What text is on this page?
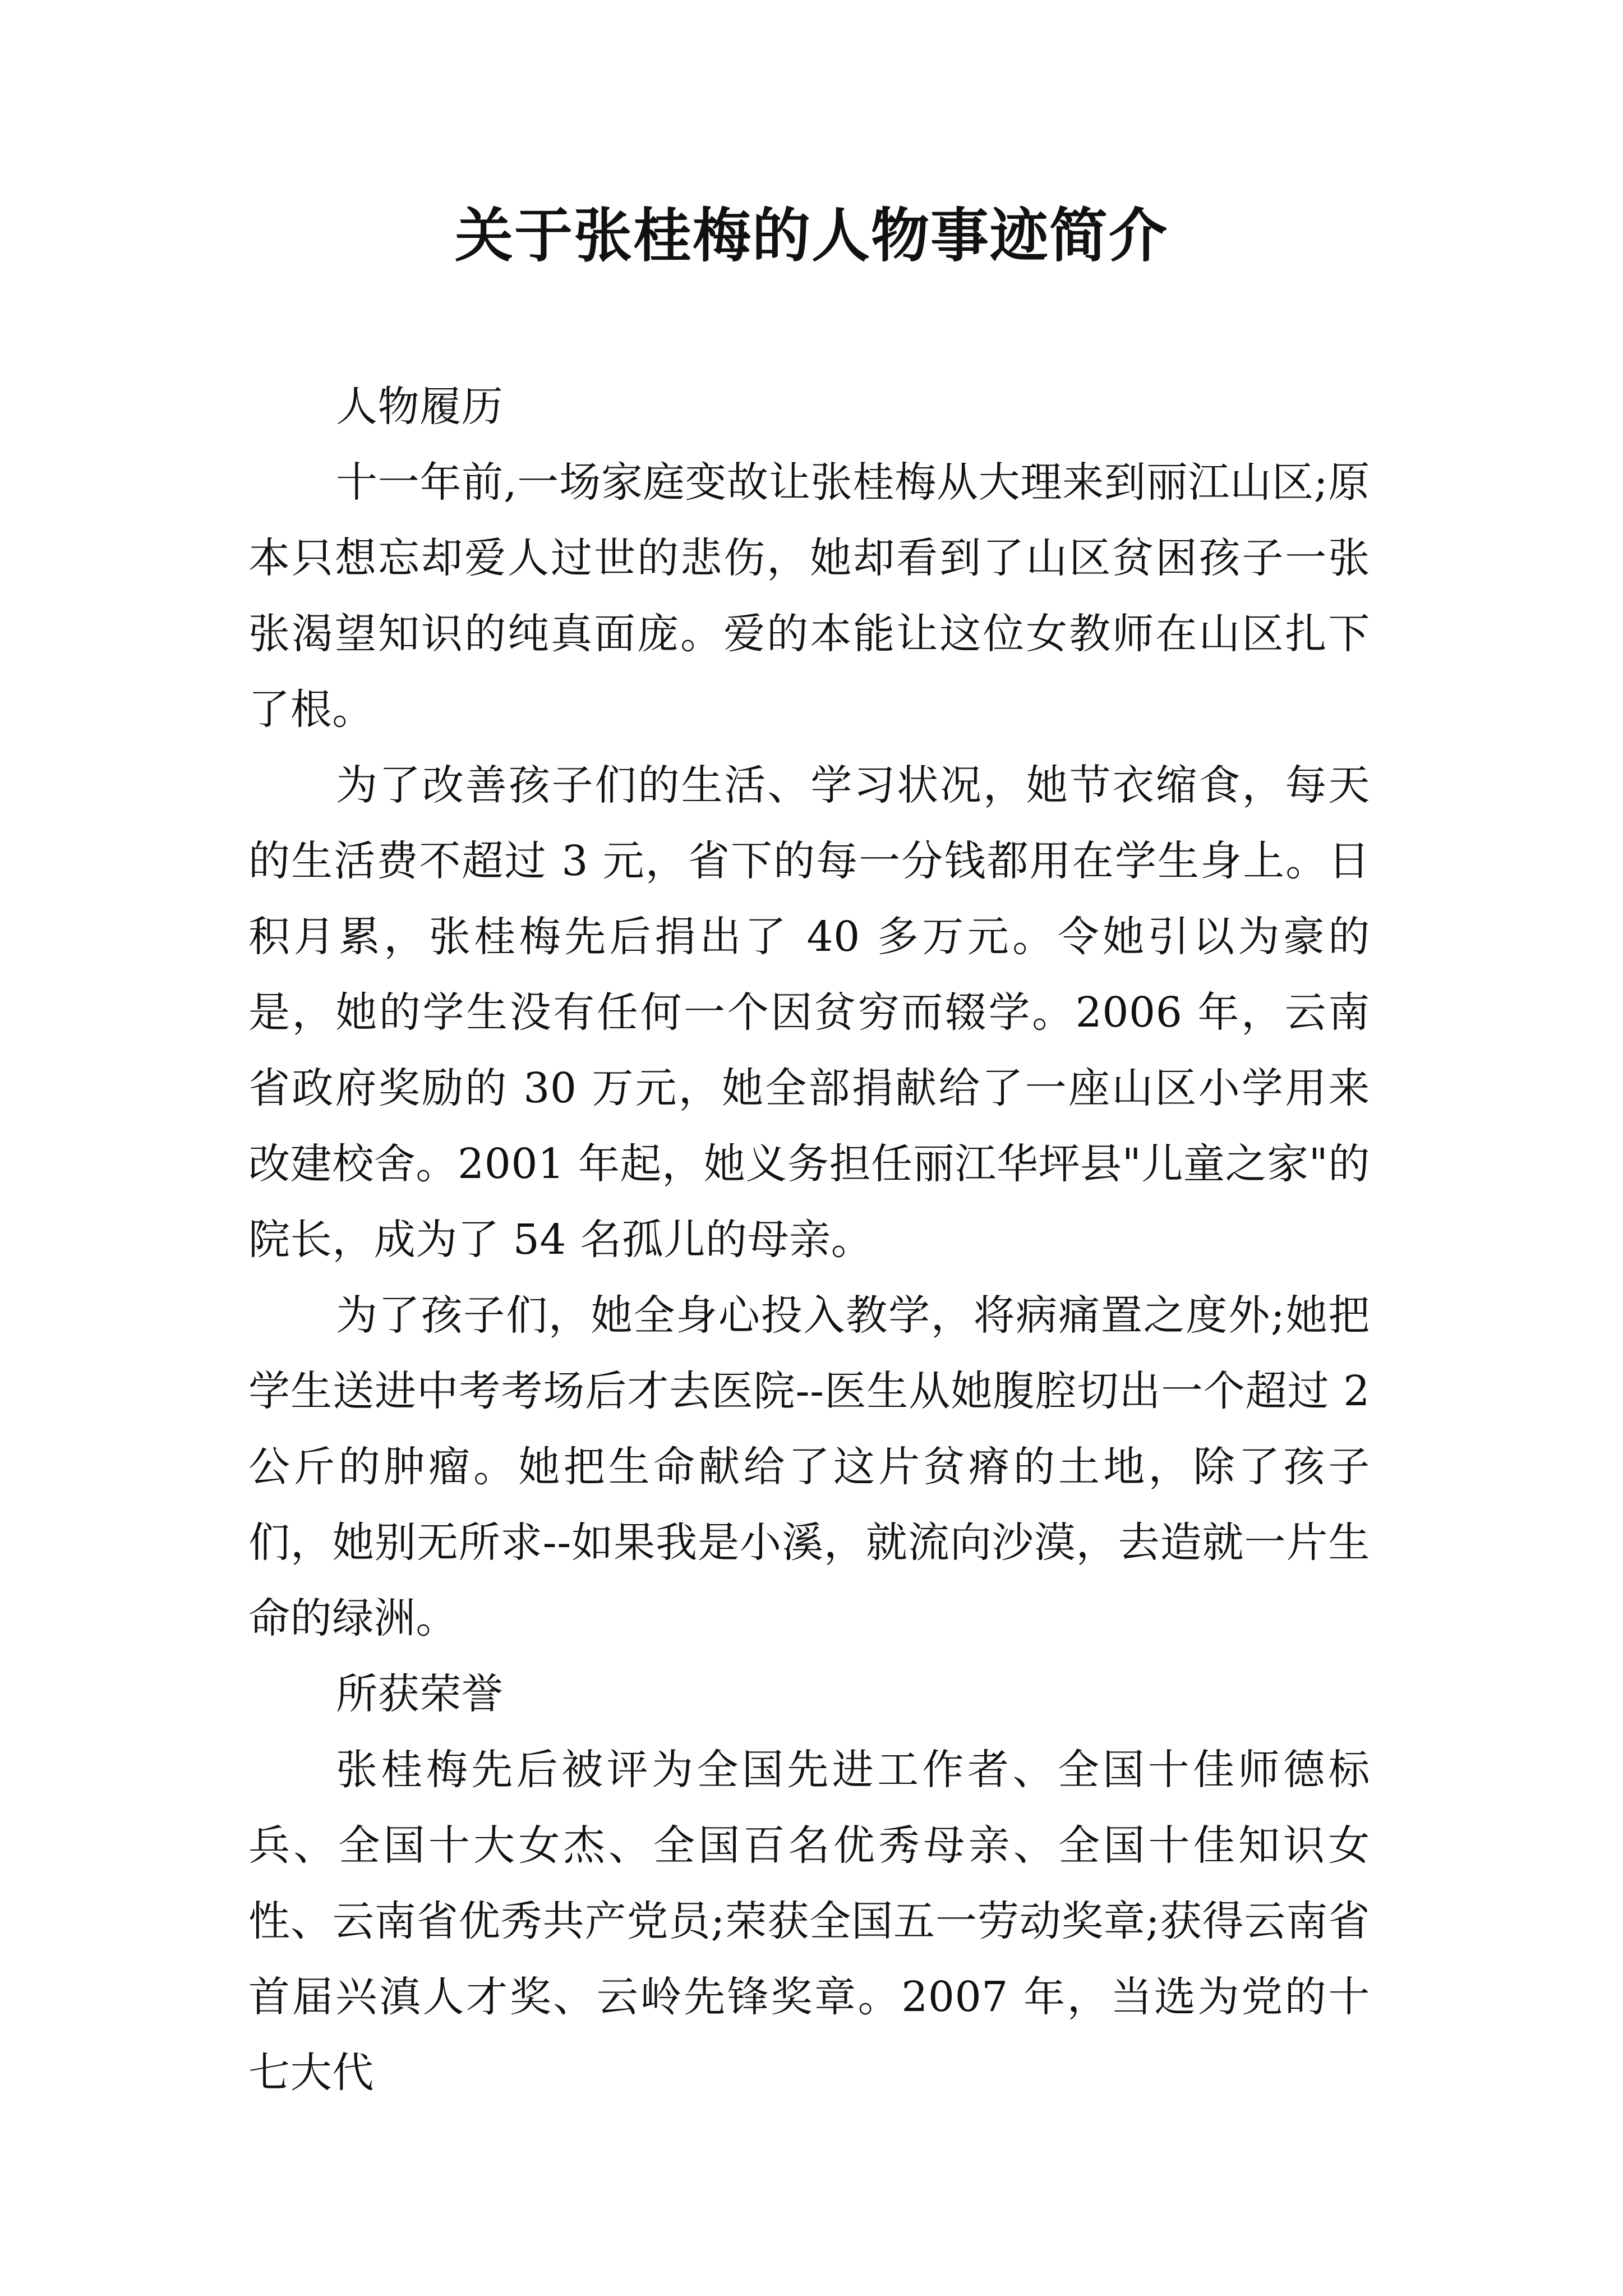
关于张桂梅的人物事迹简介

人物履历

十一年前,一场家庭变故让张桂梅从大理来到丽江山区;原本只想忘却爱人过世的悲伤，她却看到了山区贫困孩子一张张渴望知识的纯真面庞。爱的本能让这位女教师在山区扎下了根。

为了改善孩子们的生活、学习状况，她节衣缩食，每天的生活费不超过 3 元，省下的每一分钱都用在学生身上。日积月累，张桂梅先后捐出了 40 多万元。令她引以为豪的是，她的学生没有任何一个因贫穷而辍学。2006 年，云南省政府奖励的 30 万元，她全部捐献给了一座山区小学用来改建校舍。2001 年起，她义务担任丽江华坪县"儿童之家"的院长，成为了 54 名孤儿的母亲。

为了孩子们，她全身心投入教学，将病痛置之度外;她把学生送进中考考场后才去医院--医生从她腹腔切出一个超过 2 公斤的肿瘤。她把生命献给了这片贫瘠的土地，除了孩子们，她别无所求--如果我是小溪，就流向沙漠，去造就一片生命的绿洲。

所获荣誉

张桂梅先后被评为全国先进工作者、全国十佳师德标兵、全国十大女杰、全国百名优秀母亲、全国十佳知识女性、云南省优秀共产党员;荣获全国五一劳动奖章;获得云南省首届兴滇人才奖、云岭先锋奖章。2007 年，当选为党的十七大代
